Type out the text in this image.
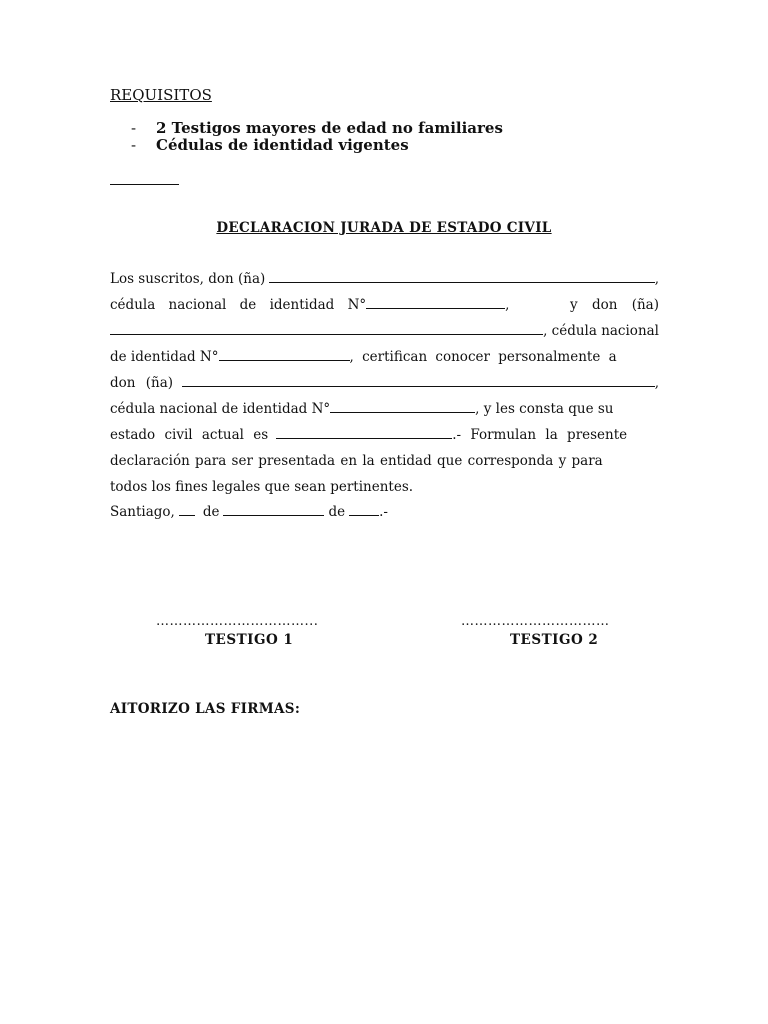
REQUISITOS
-	2 Testigos mayores de edad no familiares
-	Cédulas de identidad vigentes
DECLARACION JURADA DE ESTADO CIVIL
Los suscritos, don (ña)	,
cédula nacional de identidad N°	,	y don (ña)
, cédula nacional
de identidad N°	, certifican conocer personalmente a
don (ña)	,
cédula nacional de identidad N°	, y les consta que su
estado civil actual es	.- Formulan la presente
declaración para ser presentada en la entidad que corresponda y para
todos los fines legales que sean pertinentes.
Santiago, de	de	.-
……………………………...
TESTIGO 1
……………………………
TESTIGO 2
AITORIZO LAS FIRMAS:
